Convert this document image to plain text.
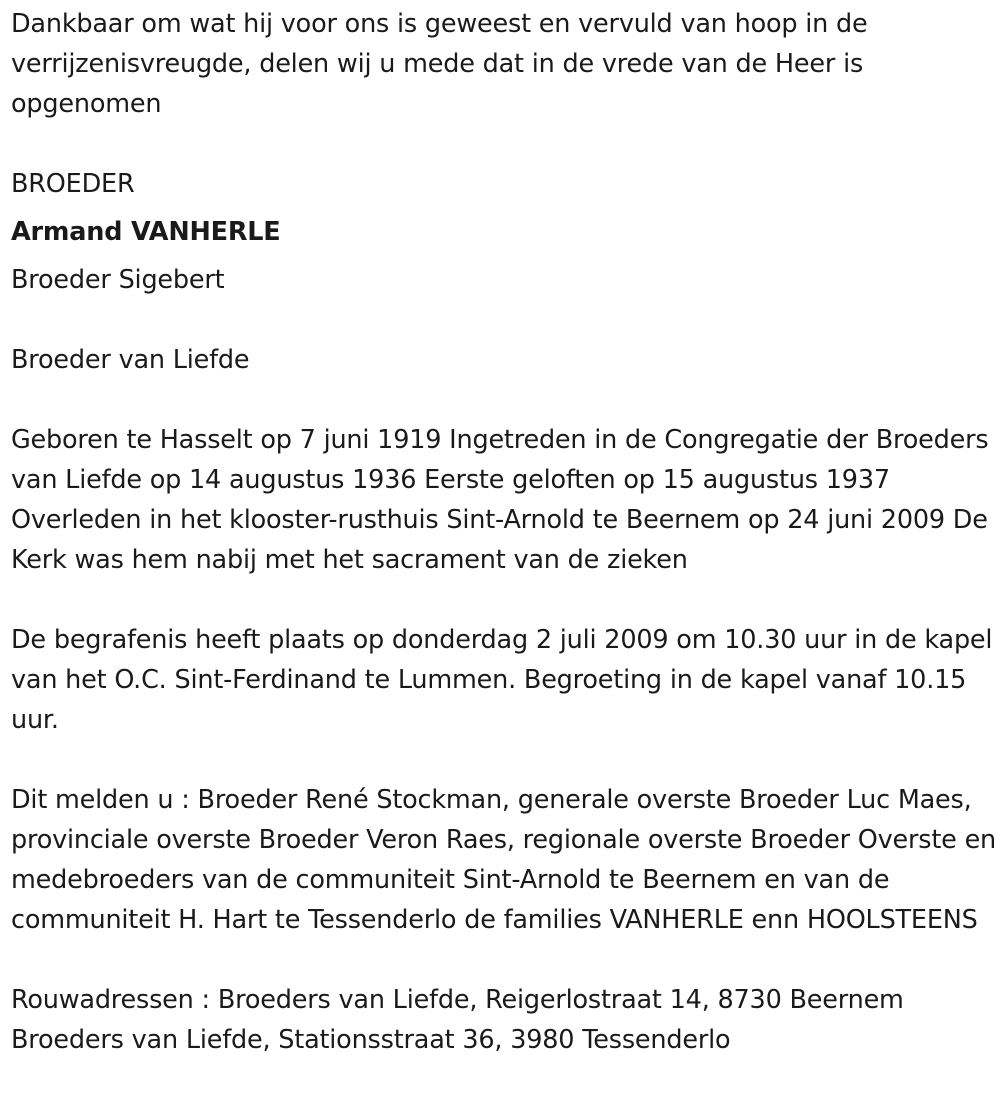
Dankbaar om wat hij voor ons is geweest en vervuld van hoop in de verrijzenisvreugde, delen wij u mede dat in de vrede van de Heer is opgenomen

BROEDER

Armand VANHERLE

Broeder Sigebert

Broeder van Liefde

Geboren te Hasselt op 7 juni 1919 Ingetreden in de Congregatie der Broeders van Liefde op 14 augustus 1936 Eerste geloften op 15 augustus 1937 Overleden in het klooster-rusthuis Sint-Arnold te Beernem op 24 juni 2009 De Kerk was hem nabij met het sacrament van de zieken

De begrafenis heeft plaats op donderdag 2 juli 2009 om 10.30 uur in de kapel van het O.C. Sint-Ferdinand te Lummen. Begroeting in de kapel vanaf 10.15 uur.

Dit melden u : Broeder René Stockman, generale overste Broeder Luc Maes, provinciale overste Broeder Veron Raes, regionale overste Broeder Overste en medebroeders van de communiteit Sint-Arnold te Beernem en van de communiteit H. Hart te Tessenderlo de families VANHERLE enn HOOLSTEENS

Rouwadressen : Broeders van Liefde, Reigerlostraat 14, 8730 Beernem Broeders van Liefde, Stationsstraat 36, 3980 Tessenderlo
